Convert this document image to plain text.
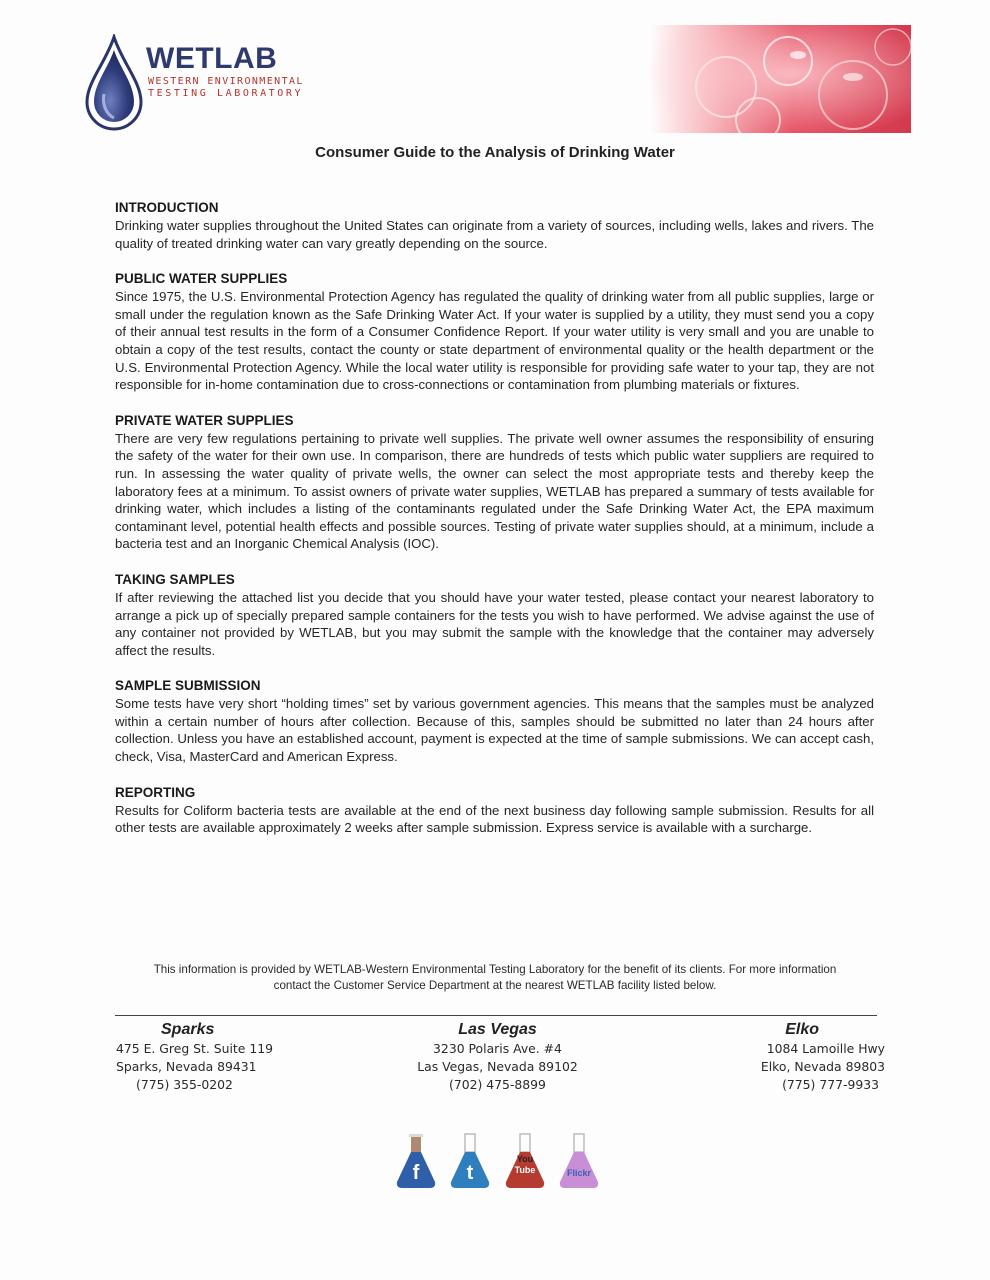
WETLAB
WESTERN ENVIRONMENTAL
TESTING LABORATORY
Consumer Guide to the Analysis of Drinking Water
INTRODUCTION

Drinking water supplies throughout the United States can originate from a variety of sources, including wells, lakes and rivers. The quality of treated drinking water can vary greatly depending on the source.

PUBLIC WATER SUPPLIES

Since 1975, the U.S. Environmental Protection Agency has regulated the quality of drinking water from all public supplies, large or small under the regulation known as the Safe Drinking Water Act. If your water is supplied by a utility, they must send you a copy of their annual test results in the form of a Consumer Confidence Report. If your water utility is very small and you are unable to obtain a copy of the test results, contact the county or state department of environmental quality or the health department or the U.S. Environmental Protection Agency. While the local water utility is responsible for providing safe water to your tap, they are not responsible for in-home contamination due to cross-connections or contamination from plumbing materials or fixtures.

PRIVATE WATER SUPPLIES

There are very few regulations pertaining to private well supplies. The private well owner assumes the responsibility of ensuring the safety of the water for their own use. In comparison, there are hundreds of tests which public water suppliers are required to run. In assessing the water quality of private wells, the owner can select the most appropriate tests and thereby keep the laboratory fees at a minimum. To assist owners of private water supplies, WETLAB has prepared a summary of tests available for drinking water, which includes a listing of the contaminants regulated under the Safe Drinking Water Act, the EPA maximum contaminant level, potential health effects and possible sources. Testing of private water supplies should, at a minimum, include a bacteria test and an Inorganic Chemical Analysis (IOC).

TAKING SAMPLES

If after reviewing the attached list you decide that you should have your water tested, please contact your nearest laboratory to arrange a pick up of specially prepared sample containers for the tests you wish to have performed. We advise against the use of any container not provided by WETLAB, but you may submit the sample with the knowledge that the container may adversely affect the results.

SAMPLE SUBMISSION

Some tests have very short “holding times” set by various government agencies. This means that the samples must be analyzed within a certain number of hours after collection. Because of this, samples should be submitted no later than 24 hours after collection. Unless you have an established account, payment is expected at the time of sample submissions. We can accept cash, check, Visa, MasterCard and American Express.

REPORTING

Results for Coliform bacteria tests are available at the end of the next business day following sample submission. Results for all other tests are available approximately 2 weeks after sample submission. Express service is available with a surcharge.

This information is provided by WETLAB-Western Environmental Testing Laboratory for the benefit of its clients. For more information
contact the Customer Service Department at the nearest WETLAB facility listed below.
Sparks
475 E. Greg St. Suite 119
Sparks, Nevada 89431
(775) 355-0202
Las Vegas
3230 Polaris Ave. #4
Las Vegas, Nevada 89102
(702) 475-8899
Elko
1084 Lamoille Hwy
Elko, Nevada 89803
(775) 777-9933
f	t
You
Tube	Flickr
